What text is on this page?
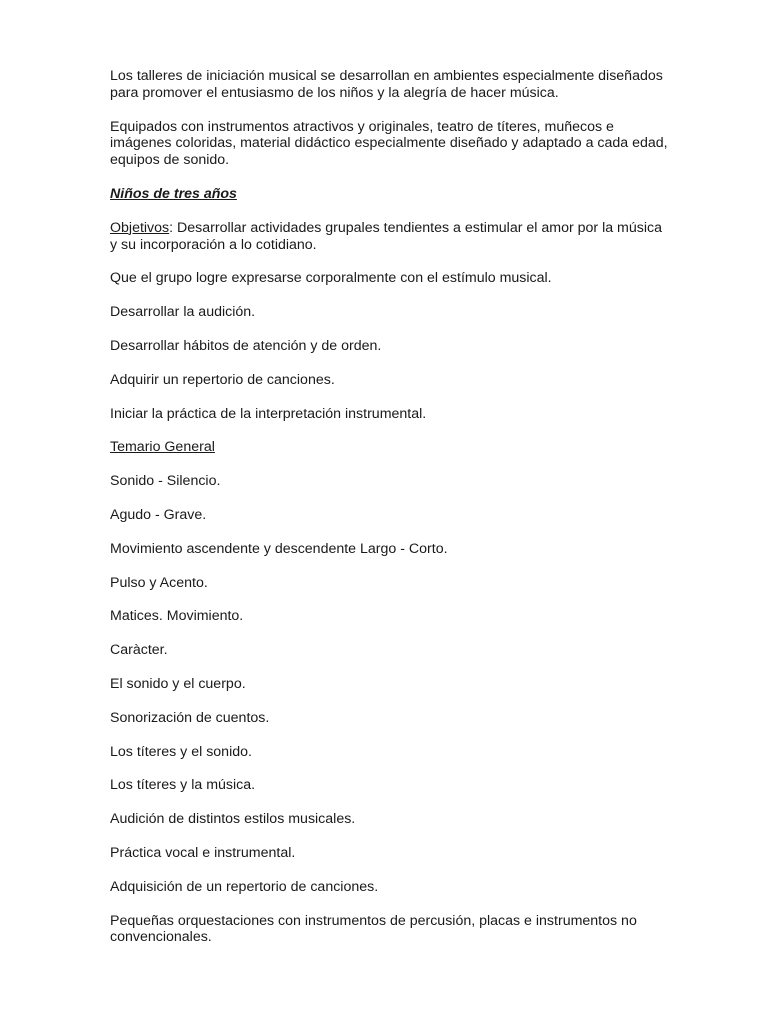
Los talleres de iniciación musical se desarrollan en ambientes especialmente diseñados para promover el entusiasmo de los niños y la alegría de hacer música.

Equipados con instrumentos atractivos y originales, teatro de títeres, muñecos e imágenes coloridas, material didáctico especialmente diseñado y adaptado a cada edad, equipos de sonido.

Niños de tres años

Objetivos: Desarrollar actividades grupales tendientes a estimular el amor por la música y su incorporación a lo cotidiano.

Que el grupo logre expresarse corporalmente con el estímulo musical.

Desarrollar la audición.

Desarrollar hábitos de atención y de orden.

Adquirir un repertorio de canciones.

Iniciar la práctica de la interpretación instrumental.

Temario General

Sonido - Silencio.

Agudo - Grave.

Movimiento ascendente y descendente Largo - Corto.

Pulso y Acento.

Matices. Movimiento.

Caràcter.

El sonido y el cuerpo.

Sonorización de cuentos.

Los títeres y el sonido.

Los títeres y la música.

Audición de distintos estilos musicales.

Práctica vocal e instrumental.

Adquisición de un repertorio de canciones.

Pequeñas orquestaciones con instrumentos de percusión, placas e instrumentos no convencionales.
